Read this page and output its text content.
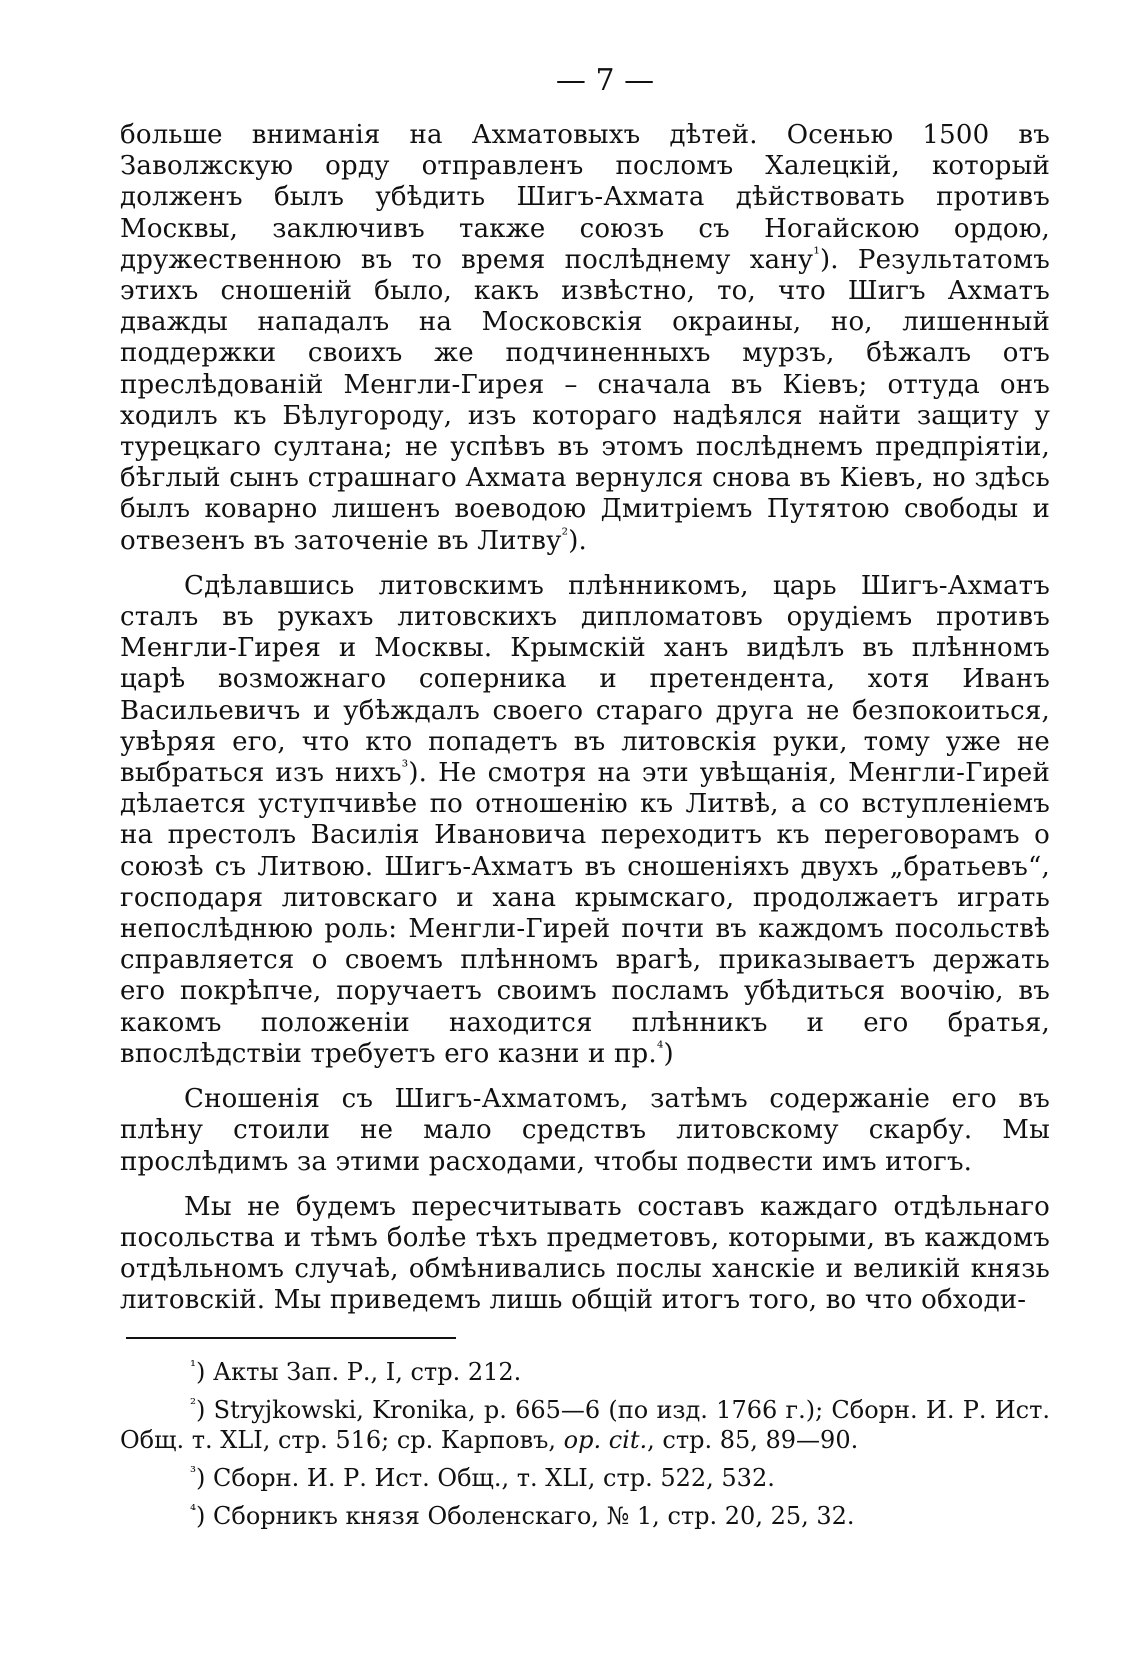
— 7 —

больше вниманія на Ахматовыхъ дѣтей. Осенью 1500 въ Заволжскую орду отправленъ посломъ Халецкій, который долженъ былъ убѣдить Шигъ-Ахмата дѣйствовать противъ Москвы, заключивъ также союзъ съ Ногайскою ордою, дружественною въ то время послѣднему хану$^{^1}$). Результатомъ этихъ сношеній было, какъ извѣстно, то, что Шигъ Ахматъ дважды нападалъ на Московскія окраины, но, лишенный поддержки своихъ же подчиненныхъ мурзъ, бѣжалъ отъ преслѣдованій Менгли-Гирея – сначала въ Кіевъ; оттуда онъ ходилъ къ Бѣлугороду, изъ котораго надѣялся найти защиту у турецкаго султана; не успѣвъ въ этомъ послѣднемъ предпріятіи, бѣглый сынъ страшнаго Ахмата вернулся снова въ Кіевъ, но здѣсь былъ коварно лишенъ воеводою Дмитріемъ Путятою свободы и отвезенъ въ заточеніе въ Литву$^{^2}$).

Сдѣлавшись литовскимъ плѣнникомъ, царь Шигъ-Ахматъ сталъ въ рукахъ литовскихъ дипломатовъ орудіемъ противъ Менгли-Гирея и Москвы. Крымскій ханъ видѣлъ въ плѣнномъ царѣ возможнаго соперника и претендента, хотя Иванъ Васильевичъ и убѣждалъ своего стараго друга не безпокоиться, увѣряя его, что кто попадетъ въ литовскія руки, тому уже не выбраться изъ нихъ$^{^3}$). Не смотря на эти увѣщанія, Менгли-Гирей дѣлается уступчивѣе по отношенію къ Литвѣ, а со вступленіемъ на престолъ Василія Ивановича переходитъ къ переговорамъ о союзѣ съ Литвою. Шигъ-Ахматъ въ сношеніяхъ двухъ „братьевъ“, господаря литовскаго и хана крымскаго, продолжаетъ играть непослѣднюю роль: Менгли-Гирей почти въ каждомъ посольствѣ справляется о своемъ плѣнномъ врагѣ, приказываетъ держать его покрѣпче, поручаетъ своимъ посламъ убѣдиться воочію, въ какомъ положеніи находится плѣнникъ и его братья, впослѣдствіи требуетъ его казни и пр.$^{^4}$)

Сношенія съ Шигъ-Ахматомъ, затѣмъ содержаніе его въ плѣну стоили не мало средствъ литовскому скарбу. Мы прослѣдимъ за этими расходами, чтобы подвести имъ итогъ.

Мы не будемъ пересчитывать составъ каждаго отдѣльнаго посольства и тѣмъ болѣе тѣхъ предметовъ, которыми, въ каждомъ отдѣльномъ случаѣ, обмѣнивались послы ханскіе и великій князь литовскій. Мы приведемъ лишь общій итогъ того, во что обходи-

$^{^1}$) Акты Зап. Р., I, стр. 212.
$^{^2}$) Stryjkowski, Kronika, p. 665—6 (по изд. 1766 г.); Сборн. И. Р. Ист. Общ. т. XLI, стр. 516; ср. Карповъ, op. cit., стр. 85, 89—90.
$^{^3}$) Сборн. И. Р. Ист. Общ., т. XLI, стр. 522, 532.
$^{^4}$) Сборникъ князя Оболенскаго, № 1, стр. 20, 25, 32.
